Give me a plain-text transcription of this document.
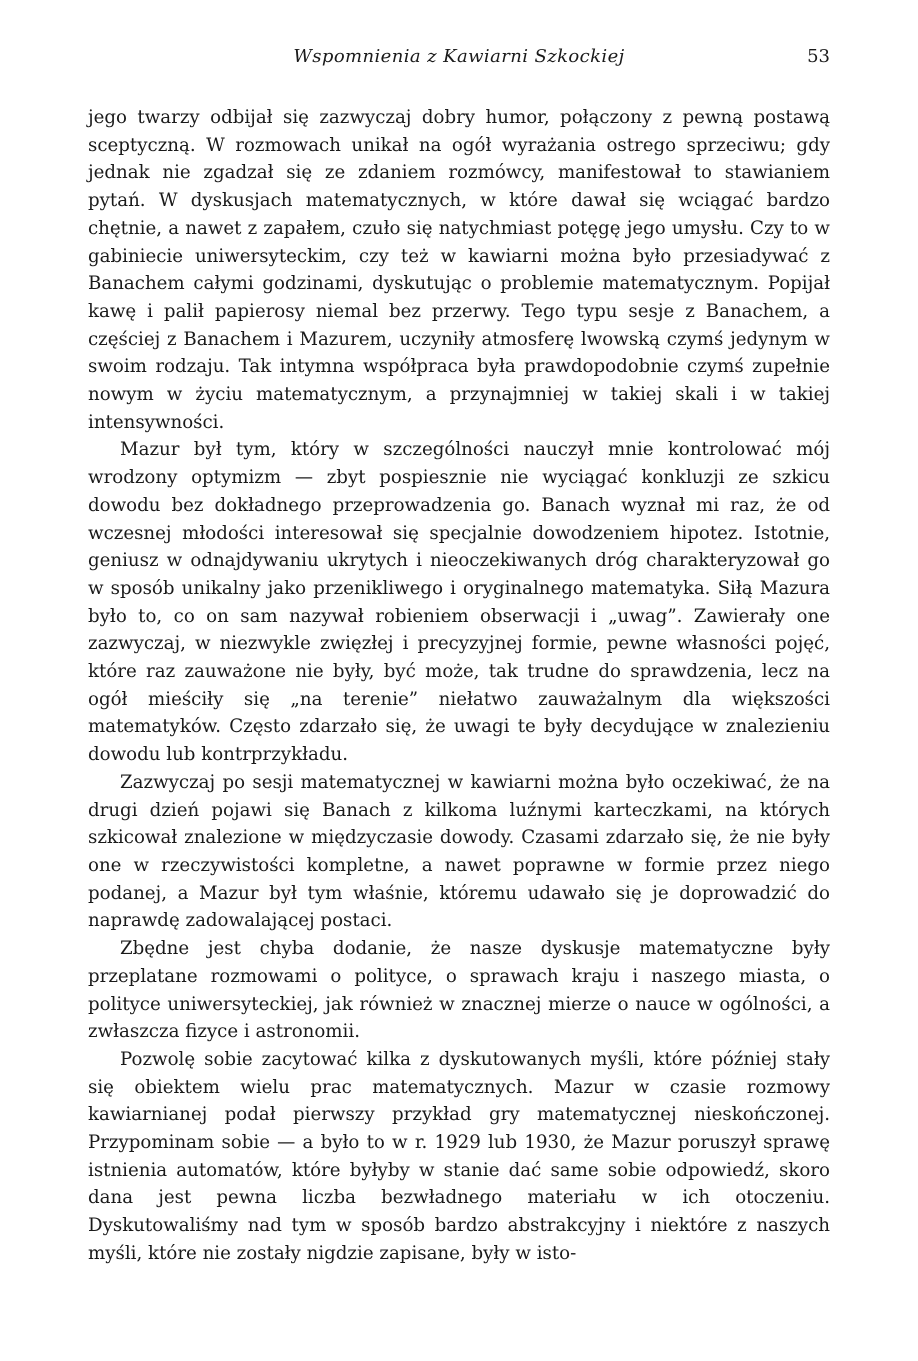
Wspomnienia z Kawiarni Szkockiej	53

jego twarzy odbijał się zazwyczaj dobry humor, połączony z pewną postawą sceptyczną. W rozmowach unikał na ogół wyrażania ostrego sprzeciwu; gdy jednak nie zgadzał się ze zdaniem rozmówcy, manifestował to stawianiem pytań. W dyskusjach matematycznych, w które dawał się wciągać bardzo chętnie, a nawet z zapałem, czuło się natychmiast potęgę jego umysłu. Czy to w gabiniecie uniwersyteckim, czy też w kawiarni można było przesiadywać z Banachem całymi godzinami, dyskutując o problemie matematycznym. Popijał kawę i palił papierosy niemal bez przerwy. Tego typu sesje z Banachem, a częściej z Banachem i Mazurem, uczyniły atmosferę lwowską czymś jedynym w swoim rodzaju. Tak intymna współpraca była prawdopodobnie czymś zupełnie nowym w życiu matematycznym, a przynajmniej w takiej skali i w takiej intensywności.

Mazur był tym, który w szczególności nauczył mnie kontrolować mój wrodzony optymizm — zbyt pospiesznie nie wyciągać konkluzji ze szkicu dowodu bez dokładnego przeprowadzenia go. Banach wyznał mi raz, że od wczesnej młodości interesował się specjalnie dowodzeniem hipotez. Istotnie, geniusz w odnajdywaniu ukrytych i nieoczekiwanych dróg charakteryzował go w sposób unikalny jako przenikliwego i oryginalnego matematyka. Siłą Mazura było to, co on sam nazywał robieniem obserwacji i „uwag”. Zawierały one zazwyczaj, w niezwykle zwięzłej i precyzyjnej formie, pewne własności pojęć, które raz zauważone nie były, być może, tak trudne do sprawdzenia, lecz na ogół mieściły się „na terenie” niełatwo zauważalnym dla większości matematyków. Często zdarzało się, że uwagi te były decydujące w znalezieniu dowodu lub kontrprzykładu.

Zazwyczaj po sesji matematycznej w kawiarni można było oczekiwać, że na drugi dzień pojawi się Banach z kilkoma luźnymi karteczkami, na których szkicował znalezione w międzyczasie dowody. Czasami zdarzało się, że nie były one w rzeczywistości kompletne, a nawet poprawne w formie przez niego podanej, a Mazur był tym właśnie, któremu udawało się je doprowadzić do naprawdę zadowalającej postaci.

Zbędne jest chyba dodanie, że nasze dyskusje matematyczne były przeplatane rozmowami o polityce, o sprawach kraju i naszego miasta, o polityce uniwersyteckiej, jak również w znacznej mierze o nauce w ogólności, a zwłaszcza fizyce i astronomii.

Pozwolę sobie zacytować kilka z dyskutowanych myśli, które później stały się obiektem wielu prac matematycznych. Mazur w czasie rozmowy kawiarnianej podał pierwszy przykład gry matematycznej nieskończonej. Przypominam sobie — a było to w r. 1929 lub 1930, że Mazur poruszył sprawę istnienia automatów, które byłyby w stanie dać same sobie odpowiedź, skoro dana jest pewna liczba bezwładnego materiału w ich otoczeniu. Dyskutowaliśmy nad tym w sposób bardzo abstrakcyjny i niektóre z naszych myśli, które nie zostały nigdzie zapisane, były w isto-
